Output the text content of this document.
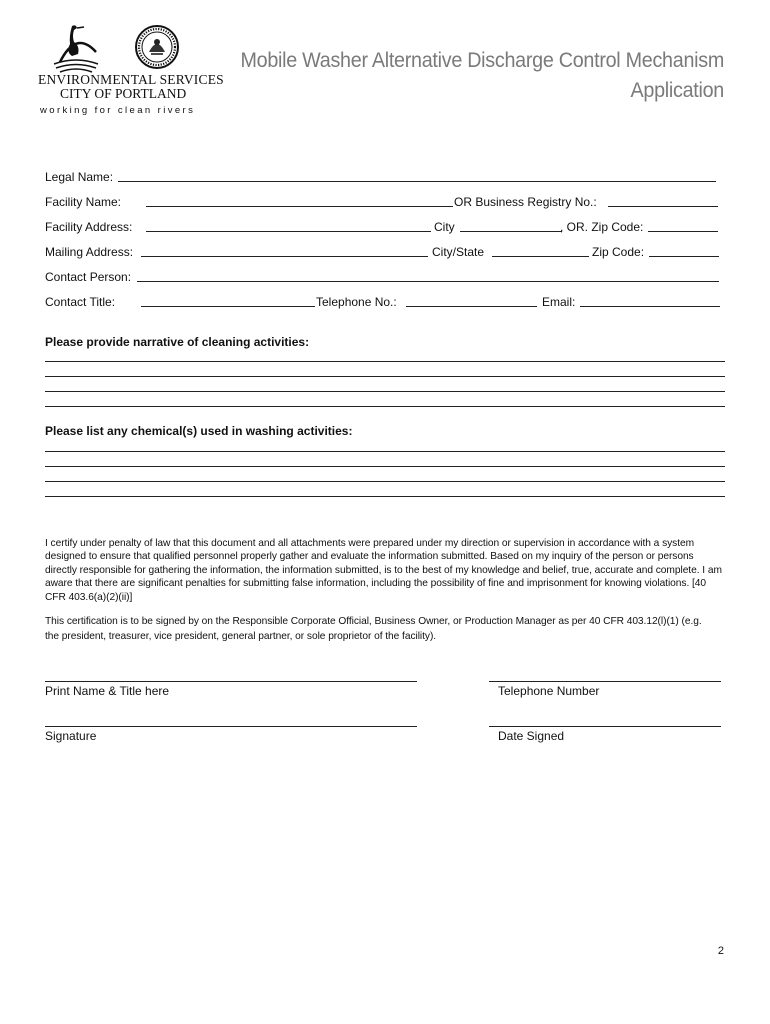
ENVIRONMENTAL SERVICES
CITY OF PORTLAND
working for clean rivers
Mobile Washer Alternative Discharge Control Mechanism
Application
Legal Name:
Facility Name:	OR Business Registry No.:
Facility Address:	City	, OR. Zip Code:
Mailing Address:	City/State	Zip Code:
Contact Person:
Contact Title:	Telephone No.:	Email:
Please provide narrative of cleaning activities:
Please list any chemical(s) used in washing activities:
I certify under penalty of law that this document and all attachments were prepared under my direction or supervision in accordance with a system designed to ensure that qualified personnel properly gather and evaluate the information submitted. Based on my inquiry of the person or persons directly responsible for gathering the information, the information submitted, is to the best of my knowledge and belief, true, accurate and complete. I am aware that there are significant penalties for submitting false information, including the possibility of fine and imprisonment for knowing violations. [40 CFR 403.6(a)(2)(ii)]
This certification is to be signed by on the Responsible Corporate Official, Business Owner, or Production Manager as per 40 CFR 403.12(l)(1) (e.g. the president, treasurer, vice president, general partner, or sole proprietor of the facility).
Print Name & Title here	Telephone Number
Signature	Date Signed
2
